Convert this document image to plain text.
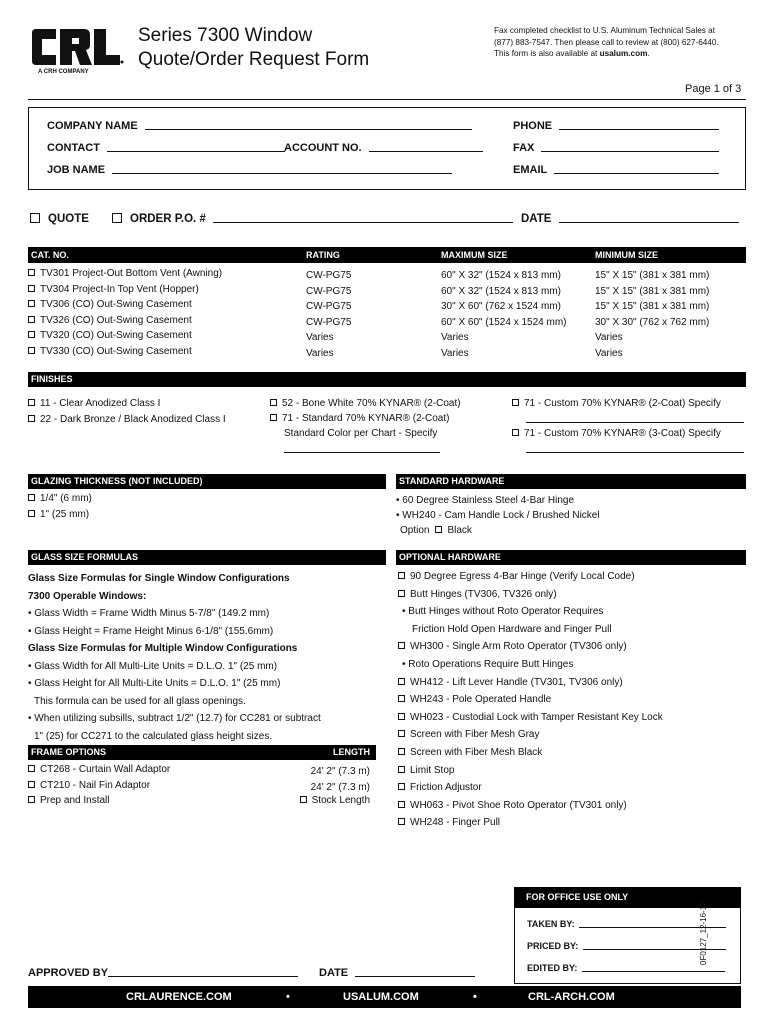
A CRH COMPANY
Series 7300 Window
Quote/Order Request Form
Fax completed checklist to U.S. Aluminum Technical Sales at
(877) 883-7547. Then please call to review at (800) 627-6440.
This form is also available at usalum.com.
Page 1 of 3
COMPANY NAME	PHONE
CONTACT	ACCOUNT NO.	FAX
JOB NAME	EMAIL
QUOTE	ORDER P.O. #	DATE
CAT. NO.	RATING	MAXIMUM SIZE	MINIMUM SIZE
TV301 Project-Out Bottom Vent (Awning)	CW-PG75	60" X 32" (1524 x 813 mm)	15" X 15" (381 x 381 mm)
TV304 Project-In Top Vent (Hopper)	CW-PG75	60" X 32" (1524 x 813 mm)	15" X 15" (381 x 381 mm)
TV306 (CO) Out-Swing Casement	CW-PG75	30" X 60" (762 x 1524 mm)	15" X 15" (381 x 381 mm)
TV326 (CO) Out-Swing Casement	CW-PG75	60" X 60" (1524 x 1524 mm)	30" X 30" (762 x 762 mm)
TV320 (CO) Out-Swing Casement	Varies	Varies	Varies
TV330 (CO) Out-Swing Casement	Varies	Varies	Varies
FINISHES
11 - Clear Anodized Class I
22 - Dark Bronze / Black Anodized Class I
52 - Bone White 70% KYNAR® (2-Coat)
71 - Standard 70% KYNAR® (2-Coat)
Standard Color per Chart - Specify
71 - Custom 70% KYNAR® (2-Coat) Specify
71 - Custom 70% KYNAR® (3-Coat) Specify
GLAZING THICKNESS (NOT INCLUDED)
1/4" (6 mm)
1" (25 mm)
STANDARD HARDWARE
• 60 Degree Stainless Steel 4-Bar Hinge
• WH240 - Cam Handle Lock / Brushed Nickel
Option Black
GLASS SIZE FORMULAS
Glass Size Formulas for Single Window Configurations
7300 Operable Windows:
• Glass Width = Frame Width Minus 5-7/8" (149.2 mm)
• Glass Height = Frame Height Minus 6-1/8" (155.6mm)
Glass Size Formulas for Multiple Window Configurations
• Glass Width for All Multi-Lite Units = D.L.O. 1" (25 mm)
• Glass Height for All Multi-Lite Units = D.L.O. 1" (25 mm)
This formula can be used for all glass openings.
• When utilizing subsills, subtract 1/2" (12.7) for CC281 or subtract
1" (25) for CC271 to the calculated glass height sizes.
FRAME OPTIONS	LENGTH
CT268 - Curtain Wall Adaptor	24' 2" (7.3 m)
CT210 - Nail Fin Adaptor	24' 2" (7.3 m)
Prep and Install	Stock Length
OPTIONAL HARDWARE
90 Degree Egress 4-Bar Hinge (Verify Local Code)
Butt Hinges (TV306, TV326 only)
• Butt Hinges without Roto Operator Requires
Friction Hold Open Hardware and Finger Pull
WH300 - Single Arm Roto Operator (TV306 only)
• Roto Operations Require Butt Hinges
WH412 - Lift Lever Handle (TV301, TV306 only)
WH243 - Pole Operated Handle
WH023 - Custodial Lock with Tamper Resistant Key Lock
Screen with Fiber Mesh Gray
Screen with Fiber Mesh Black
Limit Stop
Friction Adjustor
WH063 - Pivot Shoe Roto Operator (TV301 only)
WH248 - Finger Pull
FOR OFFICE USE ONLY
TAKEN BY:
PRICED BY:
EDITED BY:
0F0127_12-16-19
APPROVED BY	DATE
CRLAURENCE.COM	•	USALUM.COM	•	CRL-ARCH.COM
